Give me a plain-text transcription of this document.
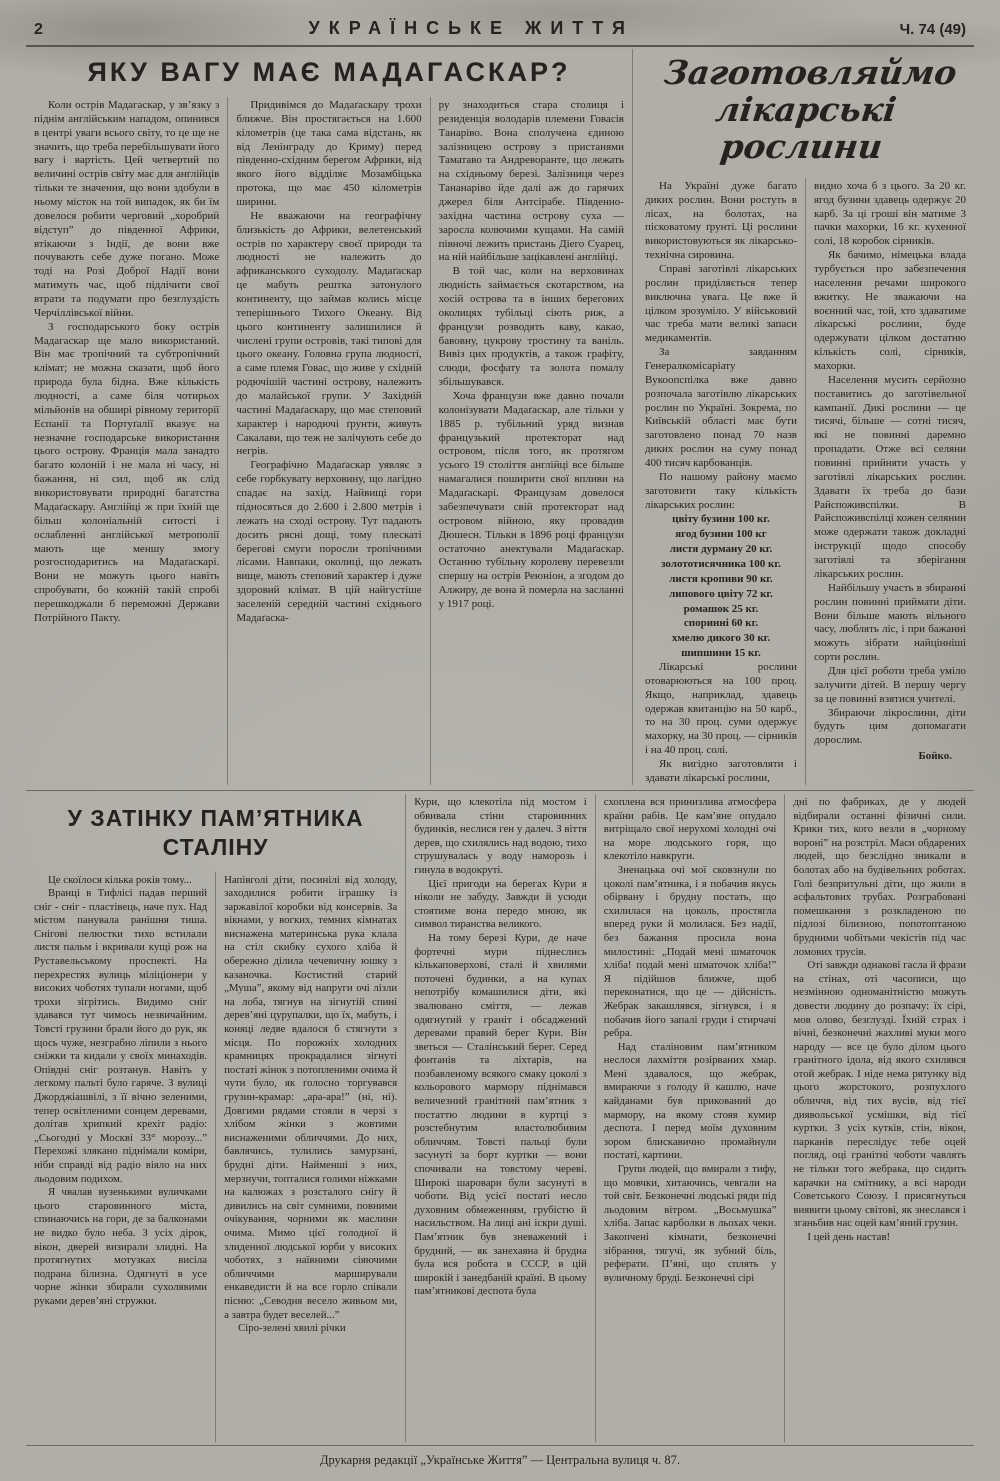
2	УКРАЇНСЬКЕ ЖИТТЯ	Ч. 74 (49)
ЯКУ ВАГУ МАЄ МАДАГАСКАР?

Коли острів Мадагаскар, у зв’язку з піднім англійським нападом, опинився в центрі уваги всього світу, то це ще не значить, що треба перебільшувати його вагу і вартість. Цей четвертий по величині острів світу має для англійців тільки те значення, що вони здобули в ньому місток на той випадок, як би їм довелося робити черговий „хоробрий відступ” до південної Африки, втікаючи з Індії, де вони вже почувають себе дуже погано. Може тоді на Розі Доброї Надії вони матимуть час, щоб підлічити свої втрати та подумати про безглуздість Черчіллівської війни.

З господарського боку острів Мадагаскар ще мало використаний. Він має тропічний та субтропічний клімат; не можна сказати, щоб його природа була бідна. Вже кількість людності, а саме біля чотирьох мільйонів на обширі рівному території Еспанії та Портуґалії вказує на незначне господарське використання цього острову. Франція мала занадто багато колоній і не мала ні часу, ні бажання, ні сил, щоб як слід використовувати природні багатства Мадаґаскару. Англійці ж при їхній ще більш колоніальній ситості і ослабленні англійської метрополії мають ще меншу змогу розгосподаритись на Мадаґаскарі. Вони не можуть цього навіть спробувати, бо кожній такій спробі перешкоджали б переможні Держави Потрійного Пакту.

Придивімся до Мадаґаскару трохи ближче. Він простягається на 1.600 кілометрів (це така сама відстань, як від Ленінграду до Криму) перед південно-східним берегом Африки, від якого його відділяє Мозамбіцька протока, що має 450 кілометрів ширини.

Не вважаючи на географічну близькість до Африки, велетенський острів по характеру своєї природи та людності не належить до африканського суходолу. Мадаґаскар це мабуть рештка затонулого континенту, що займав колись місце теперішнього Тихого Океану. Від цього континенту залишилися й числені групи островів, такі типові для цього океану. Головна група людності, а саме племя Говас, що живе у східній родючішій частині острову, належить до малайської групи. У Західній частині Мадаґаскару, що має степовий характер і народючі ґрунти, живуть Сакалави, що теж не залічують себе до негрів.

Географічно Мадаґаскар уявляє з себе горбкувату верховину, що лагідно спадає на захід. Найвищі гори підносяться до 2.600 і 2.800 метрів і лежать на сході острову. Тут падають досить рясні дощі, тому плескаті берегові смуги поросли тропічними лісами. Навпаки, околиці, що лежать вище, мають степовий характер і дуже здоровий клімат. В цій найгустіше заселеній середній частині східнього Мадаґаска-

ру знаходиться стара столиця і резиденція володарів племени Говасів Танаріво. Вона сполучена єдиною залізницею острову з пристанями Таматаво та Андреворанте, що лежать на східньому березі. Залізниця через Тананаріво йде далі аж до гарячих джерел біля Антсірабе. Південно-західна частина острову суха — заросла колючими кущами. На самій півночі лежить пристань Діего Суарец, на ній найбільше зацікавлені англійці.

В той час, коли на верховинах людність займається скотарством, на хосій острова та в інших берегових околицях тубільці сіють риж, а французи розводять каву, какао, бавовну, цукрову тростину та ваніль. Вивіз цих продуктів, а також графіту, слюди, фосфату та золота помалу збільшувався.

Хоча французи вже давно почали колонізувати Мадаґаскар, але тільки у 1885 р. тубільний уряд визнав французький протекторат над островом, після того, як протягом усього 19 століття англійці все більше намагалися поширити свої впливи на Мадаґаскарі. Французам довелося забезпечувати свій протекторат над островом війною, яку провадив Дюшесн. Тільки в 1896 році французи остаточно анектували Мадаґаскар. Останню тубільну королеву перевезли спершу на острів Реюніон, а згодом до Алжиру, де вона й померла на засланні у 1917 році.

Заготовляймо
лікарські рослини

На Україні дуже багато диких рослин. Вони ростуть в лісах, на болотах, на пісковатому ґрунті. Ці рослини використовуються як лікарсько-технічна сировина.

Справі заготівлі лікарських рослин приділяється тепер виключна увага. Це вже й цілком зрозуміло. У військовий час треба мати великі запаси медикаментів.

За завданням Генералкомісаріату Вукоопспілка вже давно розпочала заготівлю лікарських рослин по Україні. Зокрема, по Київській області має бути заготовлено понад 70 назв диких рослин на суму понад 400 тисяч карбованців.

По нашому району маємо заготовити таку кількість лікарських рослин:

цвіту бузини 100 кг.

ягод бузини 100 кг

листя дурману 20 кг.

золототисячника 100 кг.

листя кропиви 90 кг.

липового цвіту 72 кг.

ромашок 25 кг.

споринні 60 кг.

хмелю дикого 30 кг.

шипшини 15 кг.

Лікарські рослини отоварюються на 100 проц. Якщо, наприклад, здавець одержав квитанцію на 50 карб., то на 30 проц. суми одержує махорку, на 30 проц. — сірників і на 40 проц. солі.

Як вигідно заготовляти і здавати лікарські рослини,

видно хоча б з цього. За 20 кг. ягод бузини здавець одержує 20 карб. За ці гроші він матиме 3 пачки махорки, 16 кг. кухенної солі, 18 коробок сірників.

Як бачимо, німецька влада турбується про забезпечення населення речами широкого вжитку. Не зважаючи на воєнний час, той, хто здаватиме лікарські рослини, буде одержувати цілком достатню кількість солі, сірників, махорки.

Населення мусить серйозно поставитись до заготівельної кампанії. Дикі рослини — це тисячі, більше — сотні тисяч, які не повинні даремно пропадати. Отже всі селяни повинні прийняти участь у заготівлі лікарських рослин. Здавати їх треба до бази Райспоживспілки. В Райспоживспілці кожен селянин може одержати також докладні інструкції щодо способу заготівлі та зберігання лікарських рослин.

Найбільшу участь в збиранні рослин повинні приймати діти. Вони більше мають вільного часу, люблять ліс, і при бажанні можуть зібрати найцінніші сорти рослин.

Для цієї роботи треба уміло залучити дітей. В першу чергу за це повинні взятися учителі.

Збираючи лікрослини, діти будуть цим допомагати дорослим.

Бойко.
У ЗАТІНКУ ПАМ’ЯТНИКА
СТАЛІНУ

Це скоїлося кілька років тому...

Вранці в Тифлісі падав перший сніг - сніг - пластівець, наче пух. Над містом панувала ранішня тиша. Снігові пелюстки тихо встилали листя пальм і вкривали кущі рож на Руставельському проспекті. На перехрестях вулиць міліціонери у високих чоботях тупали ногами, щоб трохи зігрітись. Видимо сніг здавався тут чимось незвичайним. Товсті грузини брали його до рук, як щось чуже, незграбно ліпили з нього сніжки та кидали у своїх минаходів. Опівдні сніг розтанув. Навіть у легкому пальті було гаряче. З вулиці Джорджіашвілі, з її вічно зеленими, тепер освітленими сонцем деревами, долітав хрипкий крехіт радіо: „Сьогодні у Москві 33° морозу...” Перехожі злякано піднімали коміри, ніби справді від радіо віяло на них льодовим подихом.

Я чвалав вузенькими вуличками цього старовинного міста, спинаючись на гори, де за балконами не видко було неба. З усіх дірок, вікон, дверей визирали злидні. На протягнутих мотузках висіла подрана білизна. Одягнуті в усе чорне жінки збирали сухолявими руками дерев’яні стружки.

Напівголі діти, посинілі від холоду, заходилися робити іграшку із заржавілої коробки від консервів. За вікнами, у вогких, темних кімнатах виснажена материнська рука клала на стіл скибку сухого хліба й обережно ділила чечевичну юшку з казаночка. Костистий старий „Муша”, якому від напруги очі лізли на лоба, тягнув на зігнутій спині дерев’яні цурупалки, що їх, мабуть, і коняці ледве вдалося б стягнути з місця. По порожніх холодних крамницях прокрадалися зігнуті постаті жінок з потопленими очима й чути було, як голосно торгувався грузин-крамар: „ара-ара!” (ні, ні). Довгими рядами стояли в черзі з хлібом жінки з жовтими виснаженими обличчями. До них, бавлячись, тулились замурзані, брудні діти. Найменші з них, мерзнучи, топталися голими ніжками на калюжах з розсталого снігу й дивились на світ сумними, повними очікування, чорними як маслини очима. Мимо цієї голодної й злиденної людської юрби у високих чоботях, з наївними сіяючими обличчями марширували енкаведисти й на все горло співали пісню: „Севодня весело живьом ми, а завтра будет веселей...”

Сіро-зелені хвилі річки

Кури, що клекотіла під мостом і обвивала стіни старовинних будинків, неслися ген у далеч. З віття дерев, що схилялись над водою, тихо струшувалась у воду наморозь і гинула в водокруті.

Цієї пригоди на берегах Кури я ніколи не забуду. Завжди й усюди стоятиме вона передо мною, як символ тиранства великого.

На тому березі Кури, де наче фортечні мури піднеслись кількаповерхові, сталі й хвилями поточені будинки, а на купах непотрібу комашилися діти, які звалювано сміття, — лежав одягнутий у граніт і обсаджений деревами правий берег Кури. Він зветься — Сталінський берег. Серед фонтанів та ліхтарів, на позбавленому всякого смаку цоколі з кольорового мармору піднімався величезний гранітний пам’ятник з постаттю людини в куртці з розстебнутим властолюбивим обличчям. Товсті пальці були засунуті за борт куртки — вони спочивали на товстому череві. Широкі шаровари були засунуті в чоботи. Від усієї постаті несло духовним обмеженням, грубістю й насильством. На лиці ані іскри душі. Пам’ятник був зневажений і брудний, — як занехаяна й брудна була вся робота в СССР, в цій широкій і занедбаній країні. В цьому пам’ятникові деспота була

схоплена вся принизлива атмосфера країни рабів. Це кам’яне опудало витріщало свої нерухомі холодні очі на море людського горя, що клекотіло навкруги.

Зненацька очі мої сковзнули по цоколі пам’ятника, і я побачив якусь обірвану і брудну постать, що схилилася на цоколь, простягла вперед руки й молилася. Без надії, без бажання просила вона милостині: „Подай мені шматочок хліба! подай мені шматочок хліба!” Я підійшов ближче, щоб переконатися, що це — дійсність. Жебрак закашлявся, зігнувся, і я побачив його запалі груди і стирчачі ребра.

Над сталіновим пам’ятником неслося лахміття розірваних хмар. Мені здавалося, що жебрак, вмираючи з голоду й кашлю, наче кайданами був прикований до мармору, на якому стояв кумир деспота. І перед моїм духовним зором блискавично промайнули постаті, картини.

Групи людей, що вмирали з тифу, що мовчки, хитаючись, чевгали на той світ. Безконечні людські ряди під льодовим вітром. „Восьмушка” хліба. Запас карболки в льохах чеки. Закопчені кімнати, безконечні зібрання, тягучі, як зубний біль, реферати. П’яні, що сплять у вуличному бруді. Безконечні сірі

дні по фабриках, де у людей відбирали останні фізичні сили. Крики тих, кого везли в „чорному вороні” на розстріл. Маси обдарених людей, що безслідно зникали в болотах або на будівельних роботах. Голі безпритульні діти, що жили в асфальтових трубах. Розграбовані помешкання з розкладеною по підлозі білизною, попотоптаною брудними чобітьми чекістів під час ломових трусів.

Оті завжди однакові гасла й фрази на стінах, оті часописи, що незмінною одноманітністю можуть довести людину до розпачу: їх сірі, мов олово, безглузді. Їхній страх і вічні, безконечні жахливі муки мого народу — все це було ділом цього гранітного ідола, від якого схилявся отой жебрак. І ніде нема рятунку від цього жорстокого, розпухлого обличчя, від тих вусів, від тієї диявольської усмішки, від тієї куртки. З усіх кутків, стін, вікон, парканів переслідує тебе оцей погляд, оці гранітні чоботи чавлять не тільки того жебрака, що сидить карачки на смітнику, а всі народи Советського Союзу. І присягнуться виявити цьому світові, як знеслався і зганьбив нас оцей кам’яний грузин.

І цей день настав!

Друкарня редакції „Українське Життя” — Центральна вулиця ч. 87.
